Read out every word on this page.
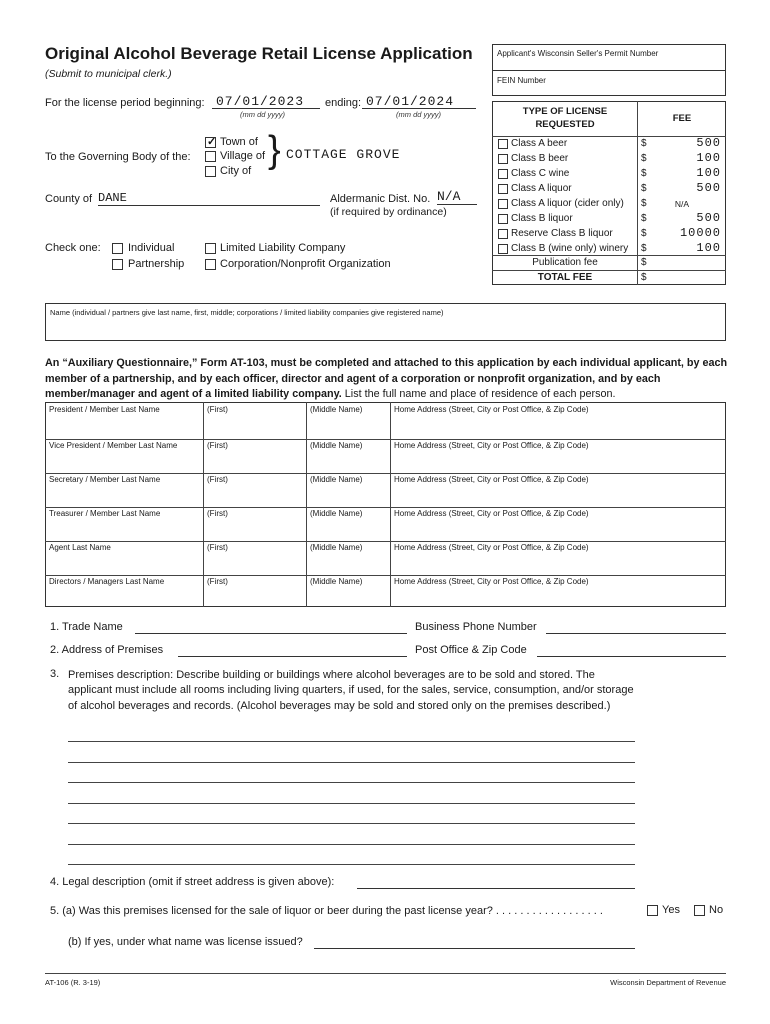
Original Alcohol Beverage Retail License Application
(Submit to municipal clerk.)
Applicant's Wisconsin Seller's Permit Number
FEIN Number
For the license period beginning: 07/01/2023
(mm dd yyyy)
ending: 07/01/2024
(mm dd yyyy)
To the Governing Body of the:
✓
Town of
Village of
City of } COTTAGE GROVE
County of DANE	Aldermanic Dist. No. N/A
(if required by ordinance)
Check one: Individual
Partnership
Limited Liability Company
Corporation/Nonprofit Organization
TYPE OF LICENSE REQUESTED
FEE
Class A beer	$	500
Class B beer	$	100
Class C wine	$	100
Class A liquor	$	500
Class A liquor (cider only) $	N/A
Class B liquor	$	500
Reserve Class B liquor	$	10000
Class B (wine only) winery $	100
Publication fee	$
TOTAL FEE	$
Name (individual / partners give last name, first, middle; corporations / limited liability companies give registered name)
An “Auxiliary Questionnaire,” Form AT-103, must be completed and attached to this application by each individual applicant, by each member of a partnership, and by each officer, director and agent of a corporation or nonprofit organization, and by each member/manager and agent of a limited liability company. List the full name and place of residence of each person.
President / Member Last Name	(First)	(Middle Name)	Home Address (Street, City or Post Office, & Zip Code)
Vice President / Member Last Name	(First)	(Middle Name)	Home Address (Street, City or Post Office, & Zip Code)
Secretary / Member Last Name	(First)	(Middle Name)	Home Address (Street, City or Post Office, & Zip Code)
Treasurer / Member Last Name	(First)	(Middle Name)	Home Address (Street, City or Post Office, & Zip Code)
Agent Last Name	(First)	(Middle Name)	Home Address (Street, City or Post Office, & Zip Code)
Directors / Managers Last Name	(First)	(Middle Name)	Home Address (Street, City or Post Office, & Zip Code)
1. Trade Name	Business Phone Number
2. Address of Premises	Post Office & Zip Code
3. Premises description: Describe building or buildings where alcohol beverages are to be sold and stored. The applicant must include all rooms including living quarters, if used, for the sales, service, consumption, and/or storage of alcohol beverages and records. (Alcohol beverages may be sold and stored only on the premises described.)
4. Legal description (omit if street address is given above):
5. (a) Was this premises licensed for the sale of liquor or beer during the past license year? . . . . . . . . . . . . . . . . . .	Yes	No
(b) If yes, under what name was license issued?
AT-106 (R. 3-19)	Wisconsin Department of Revenue
